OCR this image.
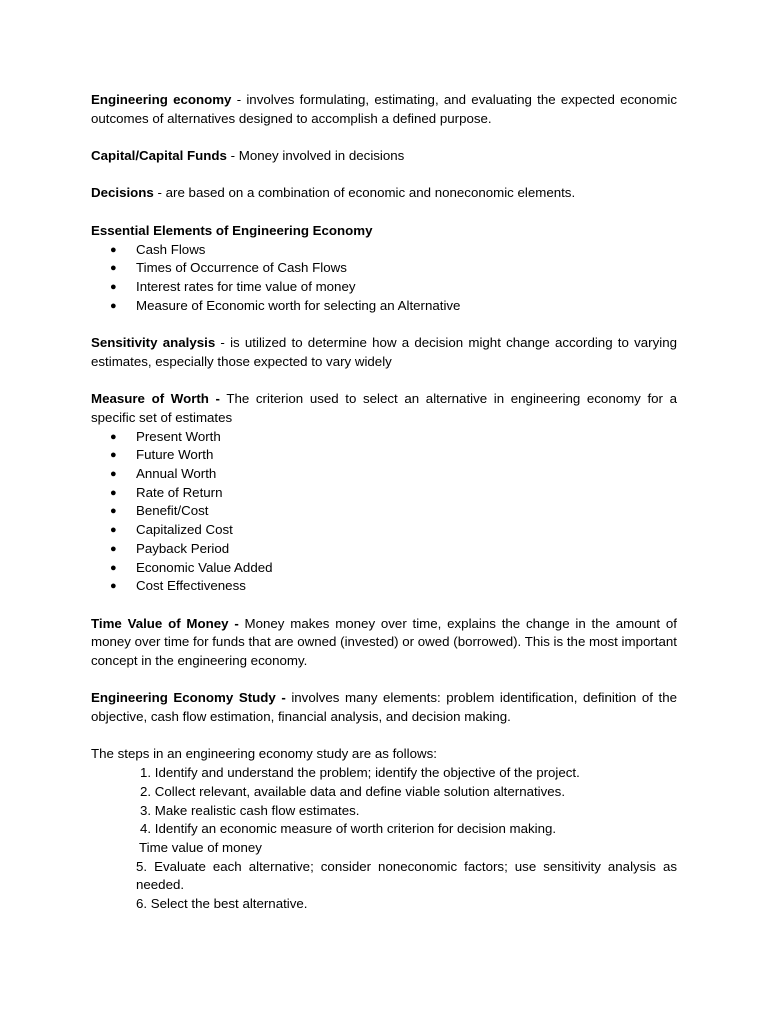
Engineering economy - involves formulating, estimating, and evaluating the expected economic outcomes of alternatives designed to accomplish a defined purpose.

Capital/Capital Funds - Money involved in decisions

Decisions - are based on a combination of economic and noneconomic elements.

Essential Elements of Engineering Economy

● Cash Flows
● Times of Occurrence of Cash Flows
● Interest rates for time value of money
● Measure of Economic worth for selecting an Alternative

Sensitivity analysis - is utilized to determine how a decision might change according to varying estimates, especially those expected to vary widely

Measure of Worth - The criterion used to select an alternative in engineering economy for a specific set of estimates

● Present Worth
● Future Worth
● Annual Worth
● Rate of Return
● Benefit/Cost
● Capitalized Cost
● Payback Period
● Economic Value Added
● Cost Effectiveness

Time Value of Money - Money makes money over time, explains the change in the amount of money over time for funds that are owned (invested) or owed (borrowed). This is the most important concept in the engineering economy.

Engineering Economy Study - involves many elements: problem identification, definition of the objective, cash flow estimation, financial analysis, and decision making.

The steps in an engineering economy study are as follows:

1. Identify and understand the problem; identify the objective of the project.
2. Collect relevant, available data and define viable solution alternatives.
3. Make realistic cash flow estimates.
4. Identify an economic measure of worth criterion for decision making.
Time value of money
5. Evaluate each alternative; consider noneconomic factors; use sensitivity analysis as needed.
6. Select the best alternative.
